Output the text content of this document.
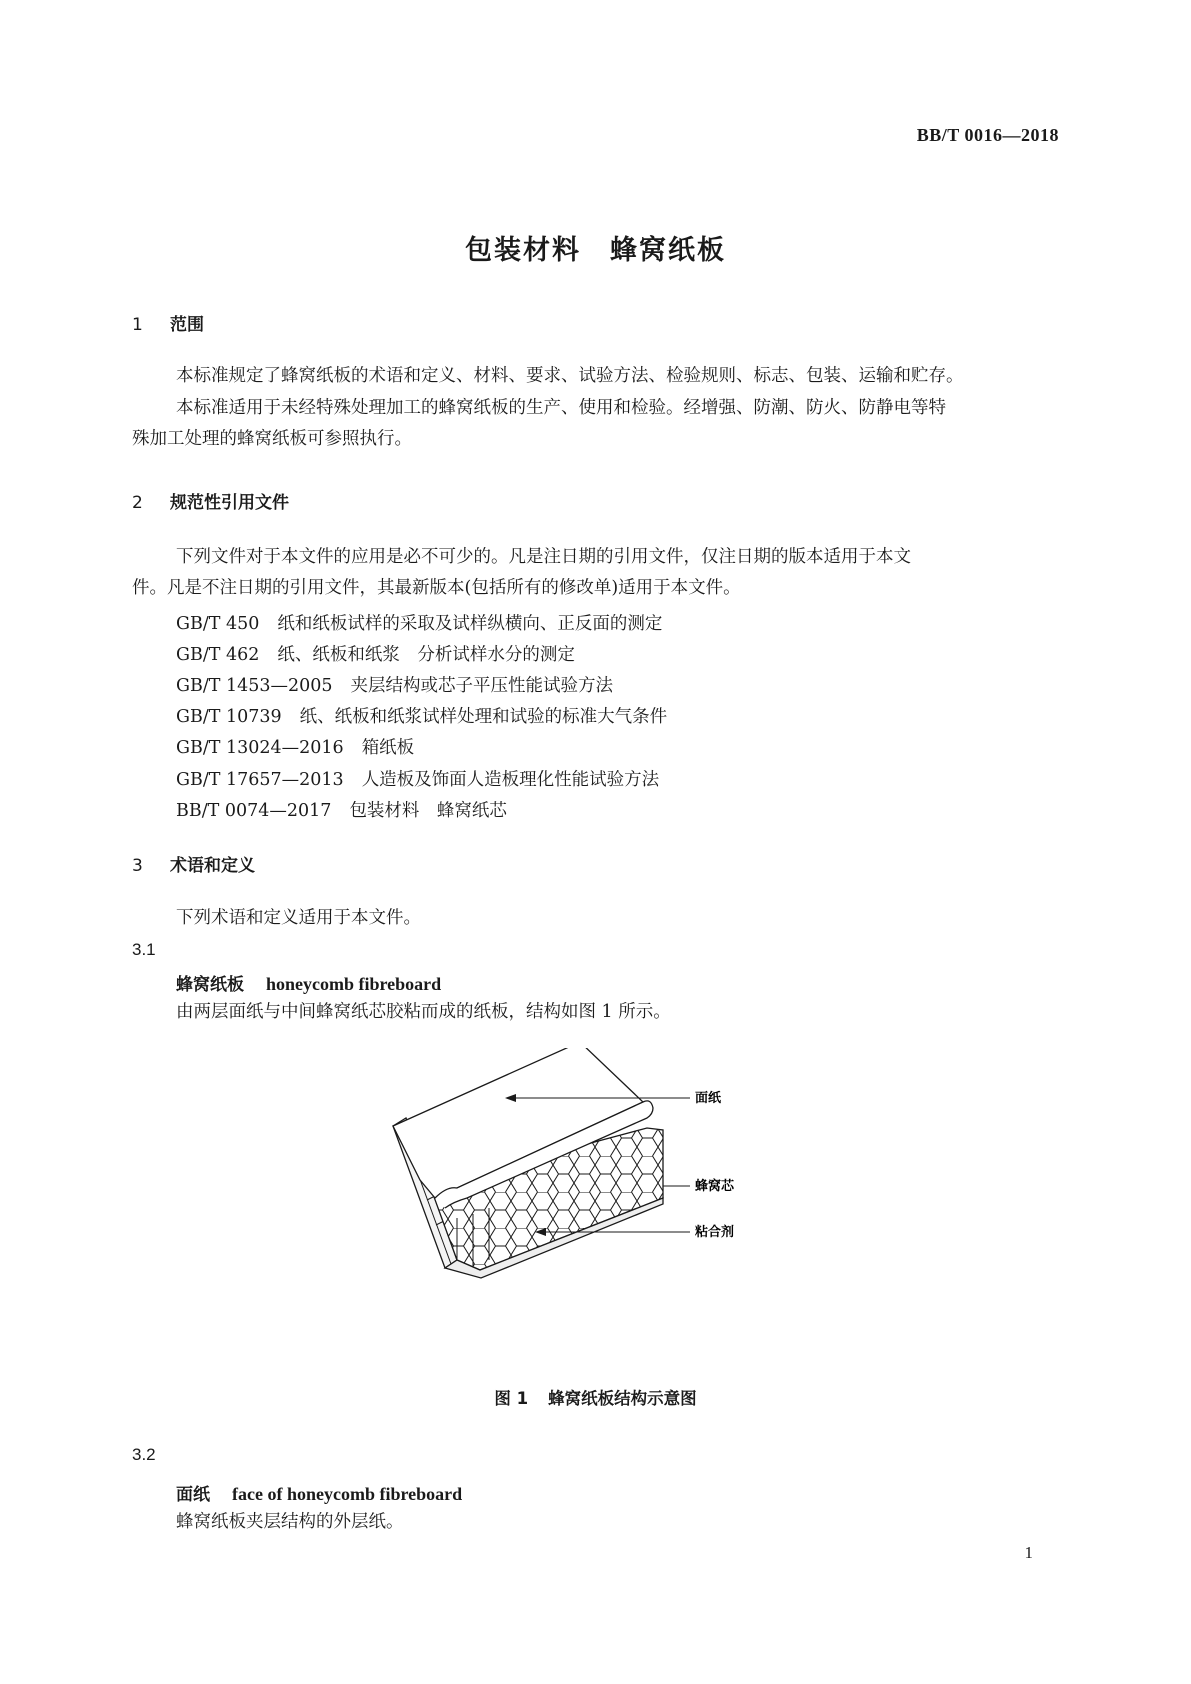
BB/T 0016—2018
包装材料　蜂窝纸板
1 范围
本标准规定了蜂窝纸板的术语和定义、材料、要求、试验方法、检验规则、标志、包装、运输和贮存。
本标准适用于未经特殊处理加工的蜂窝纸板的生产、使用和检验。经增强、防潮、防火、防静电等特
殊加工处理的蜂窝纸板可参照执行。
2 规范性引用文件
下列文件对于本文件的应用是必不可少的。凡是注日期的引用文件，仅注日期的版本适用于本文
件。凡是不注日期的引用文件，其最新版本(包括所有的修改单)适用于本文件。
GB/T 450 纸和纸板试样的采取及试样纵横向、正反面的测定
GB/T 462 纸、纸板和纸浆　分析试样水分的测定
GB/T 1453—2005 夹层结构或芯子平压性能试验方法
GB/T 10739 纸、纸板和纸浆试样处理和试验的标准大气条件
GB/T 13024—2016 箱纸板
GB/T 17657—2013 人造板及饰面人造板理化性能试验方法
BB/T 0074—2017 包装材料　蜂窝纸芯
3 术语和定义
下列术语和定义适用于本文件。
3.1
蜂窝纸板 honeycomb fibreboard
由两层面纸与中间蜂窝纸芯胶粘而成的纸板，结构如图 1 所示。
面纸
蜂窝芯
粘合剂
图 1 蜂窝纸板结构示意图
3.2
面纸 face of honeycomb fibreboard
蜂窝纸板夹层结构的外层纸。
1
